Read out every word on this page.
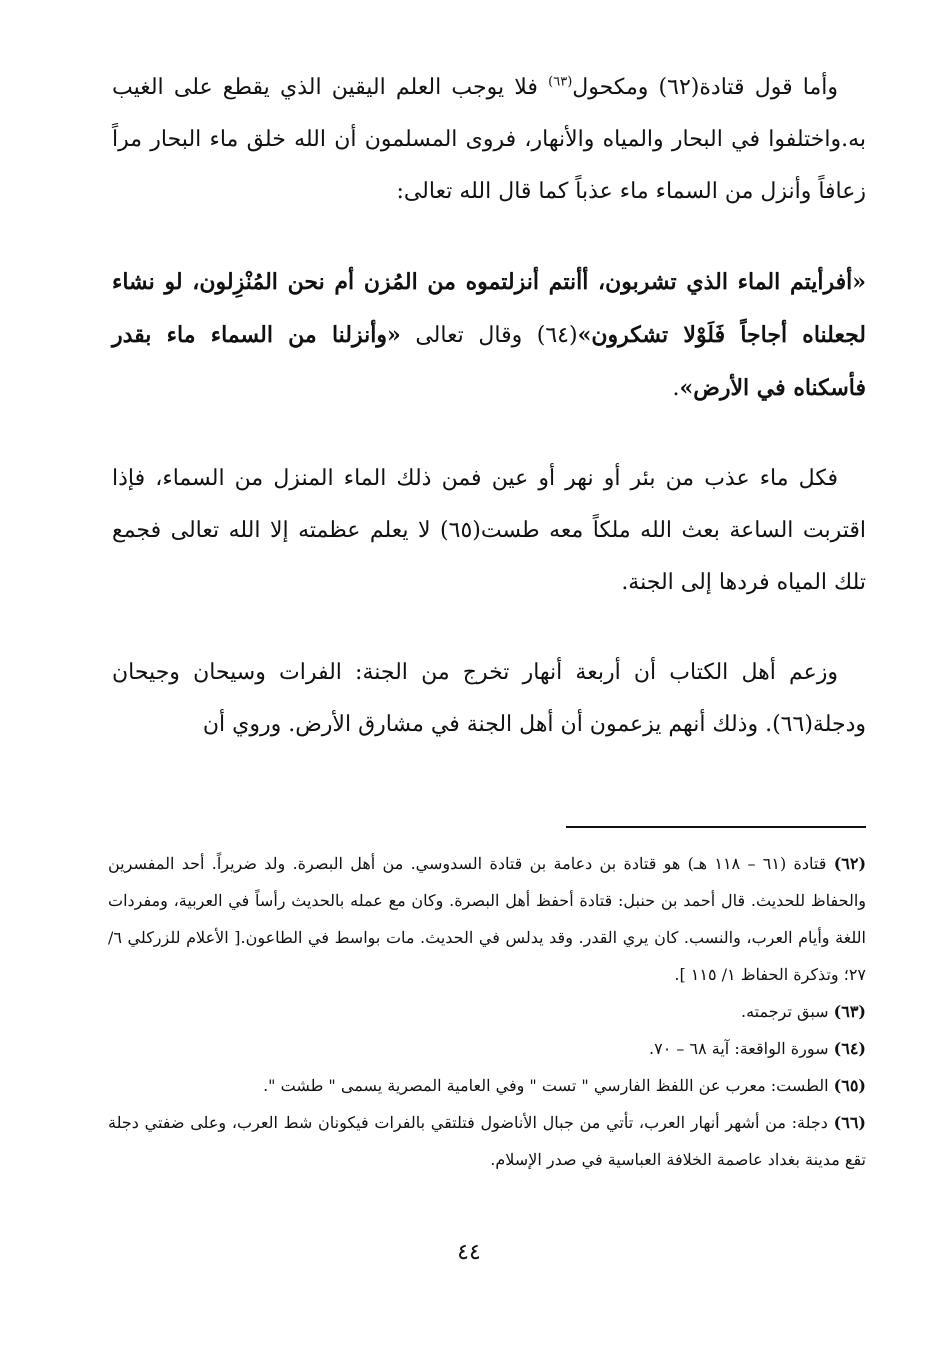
وأما قول قتادة(٦٢) ومكحول$^{(٦٣)}$ فلا يوجب العلم اليقين الذي يقطع على الغيب به.واختلفوا في البحار والمياه والأنهار، فروى المسلمون أن الله خلق ماء البحار مراً زعافاً وأنزل من السماء ماء عذباً كما قال الله تعالى:

«أفرأيتم الماء الذي تشربون، أأنتم أنزلتموه من المُزن أم نحن المُنْزِلون، لو نشاء لجعلناه أجاجاً فَلَوْلا تشكرون»(٦٤) وقال تعالى «وأنزلنا من السماء ماء بقدر فأسكناه في الأرض».

فكل ماء عذب من بئر أو نهر أو عين فمن ذلك الماء المنزل من السماء، فإذا اقتربت الساعة بعث الله ملكاً معه طست(٦٥) لا يعلم عظمته إلا الله تعالى فجمع تلك المياه فردها إلى الجنة.

وزعم أهل الكتاب أن أربعة أنهار تخرج من الجنة: الفرات وسيحان وجيحان ودجلة(٦٦). وذلك أنهم يزعمون أن أهل الجنة في مشارق الأرض. وروي أن

(٦٢) قتادة (٦١ – ١١٨ هـ) هو قتادة بن دعامة بن قتادة السدوسي. من أهل البصرة. ولد ضريراً. أحد المفسرين والحفاظ للحديث. قال أحمد بن حنبل: قتادة أحفظ أهل البصرة. وكان مع عمله بالحديث رأساً في العربية، ومفردات اللغة وأيام العرب، والنسب. كان يري القدر. وقد يدلس في الحديث. مات بواسط في الطاعون.[ الأعلام للزركلي ٦/ ٢٧؛ وتذكرة الحفاظ ١/ ١١٥ ].

(٦٣) سبق ترجمته.

(٦٤) سورة الواقعة: آية ٦٨ – ٧٠.

(٦٥) الطست: معرب عن اللفظ الفارسي " تست " وفي العامية المصرية يسمى " طشت ".

(٦٦) دجلة: من أشهر أنهار العرب، تأتي من جبال الأناضول فتلتقي بالفرات فيكونان شط العرب، وعلى ضفتي دجلة تقع مدينة بغداد عاصمة الخلافة العباسية في صدر الإسلام.

٤٤
